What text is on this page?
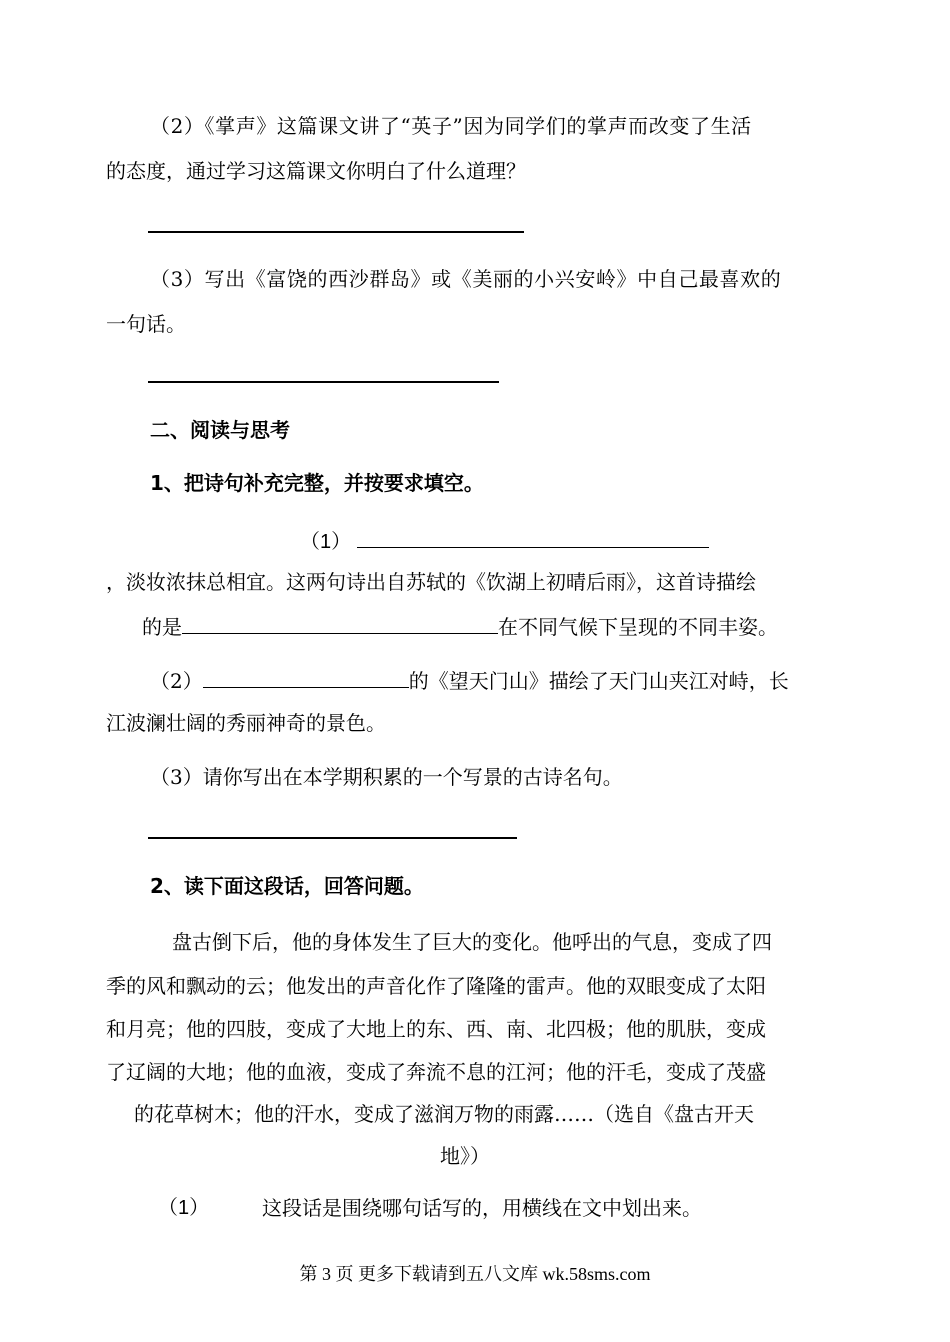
（2）《掌声》这篇课文讲了“英子”因为同学们的掌声而改变了生活
的态度，通过学习这篇课文你明白了什么道理？
（3）写出《富饶的西沙群岛》或《美丽的小兴安岭》中自己最喜欢的
一句话。
二、阅读与思考
1、把诗句补充完整，并按要求填空。
（1）
，淡妆浓抹总相宜。这两句诗出自苏轼的《饮湖上初晴后雨》，这首诗描绘
的是	在不同气候下呈现的不同丰姿。
（2）	的《望天门山》描绘了天门山夹江对峙，长
江波澜壮阔的秀丽神奇的景色。
（3）请你写出在本学期积累的一个写景的古诗名句。
2、读下面这段话，回答问题。
盘古倒下后，他的身体发生了巨大的变化。他呼出的气息，变成了四
季的风和飘动的云；他发出的声音化作了隆隆的雷声。他的双眼变成了太阳
和月亮；他的四肢，变成了大地上的东、西、南、北四极；他的肌肤，变成
了辽阔的大地；他的血液，变成了奔流不息的江河；他的汗毛，变成了茂盛
的花草树木；他的汗水，变成了滋润万物的雨露……（选自《盘古开天
地》）
（1）	这段话是围绕哪句话写的，用横线在文中划出来。
第 3 页 更多下载请到五八文库 wk.58sms.com
